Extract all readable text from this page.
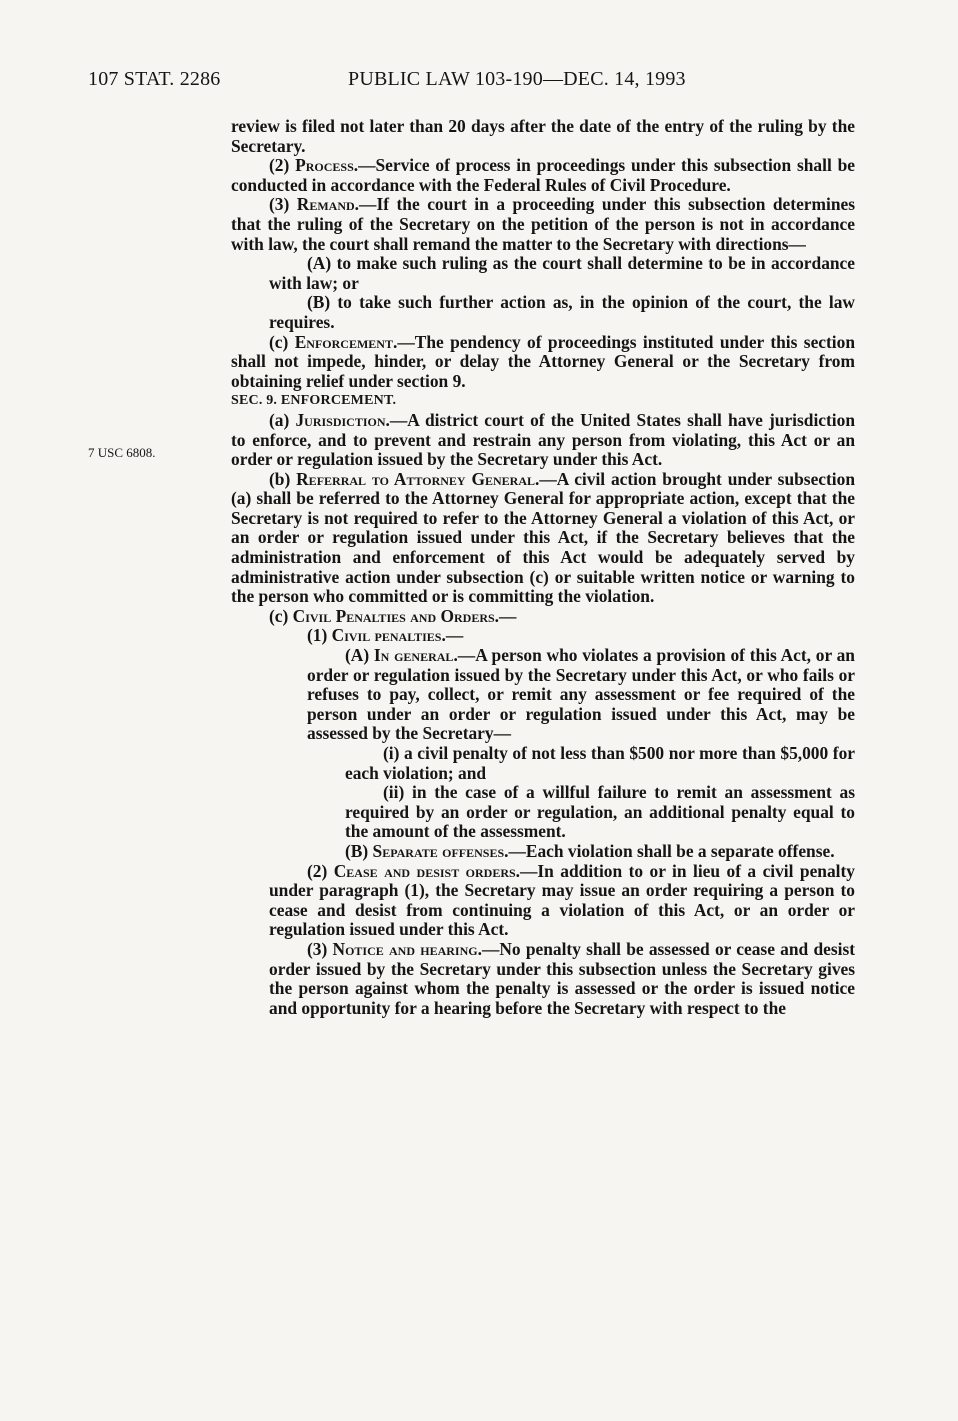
107 STAT. 2286	PUBLIC LAW 103-190—DEC. 14, 1993
7 USC 6808.

review is filed not later than 20 days after the date of the entry of the ruling by the Secretary.

(2) Process.—Service of process in proceedings under this subsection shall be conducted in accordance with the Federal Rules of Civil Procedure.

(3) Remand.—If the court in a proceeding under this subsection determines that the ruling of the Secretary on the petition of the person is not in accordance with law, the court shall remand the matter to the Secretary with directions—

(A) to make such ruling as the court shall determine to be in accordance with law; or

(B) to take such further action as, in the opinion of the court, the law requires.

(c) Enforcement.—The pendency of proceedings instituted under this section shall not impede, hinder, or delay the Attorney General or the Secretary from obtaining relief under section 9.

SEC. 9. ENFORCEMENT.

(a) Jurisdiction.—A district court of the United States shall have jurisdiction to enforce, and to prevent and restrain any person from violating, this Act or an order or regulation issued by the Secretary under this Act.

(b) Referral to Attorney General.—A civil action brought under subsection (a) shall be referred to the Attorney General for appropriate action, except that the Secretary is not required to refer to the Attorney General a violation of this Act, or an order or regulation issued under this Act, if the Secretary believes that the administration and enforcement of this Act would be adequately served by administrative action under subsection (c) or suitable written notice or warning to the person who committed or is committing the violation.

(c) Civil Penalties and Orders.—

(1) Civil penalties.—

(A) In general.—A person who violates a provision of this Act, or an order or regulation issued by the Secretary under this Act, or who fails or refuses to pay, collect, or remit any assessment or fee required of the person under an order or regulation issued under this Act, may be assessed by the Secretary—

(i) a civil penalty of not less than $500 nor more than $5,000 for each violation; and

(ii) in the case of a willful failure to remit an assessment as required by an order or regulation, an additional penalty equal to the amount of the assessment.

(B) Separate offenses.—Each violation shall be a separate offense.

(2) Cease and desist orders.—In addition to or in lieu of a civil penalty under paragraph (1), the Secretary may issue an order requiring a person to cease and desist from continuing a violation of this Act, or an order or regulation issued under this Act.

(3) Notice and hearing.—No penalty shall be assessed or cease and desist order issued by the Secretary under this subsection unless the Secretary gives the person against whom the penalty is assessed or the order is issued notice and opportunity for a hearing before the Secretary with respect to the
